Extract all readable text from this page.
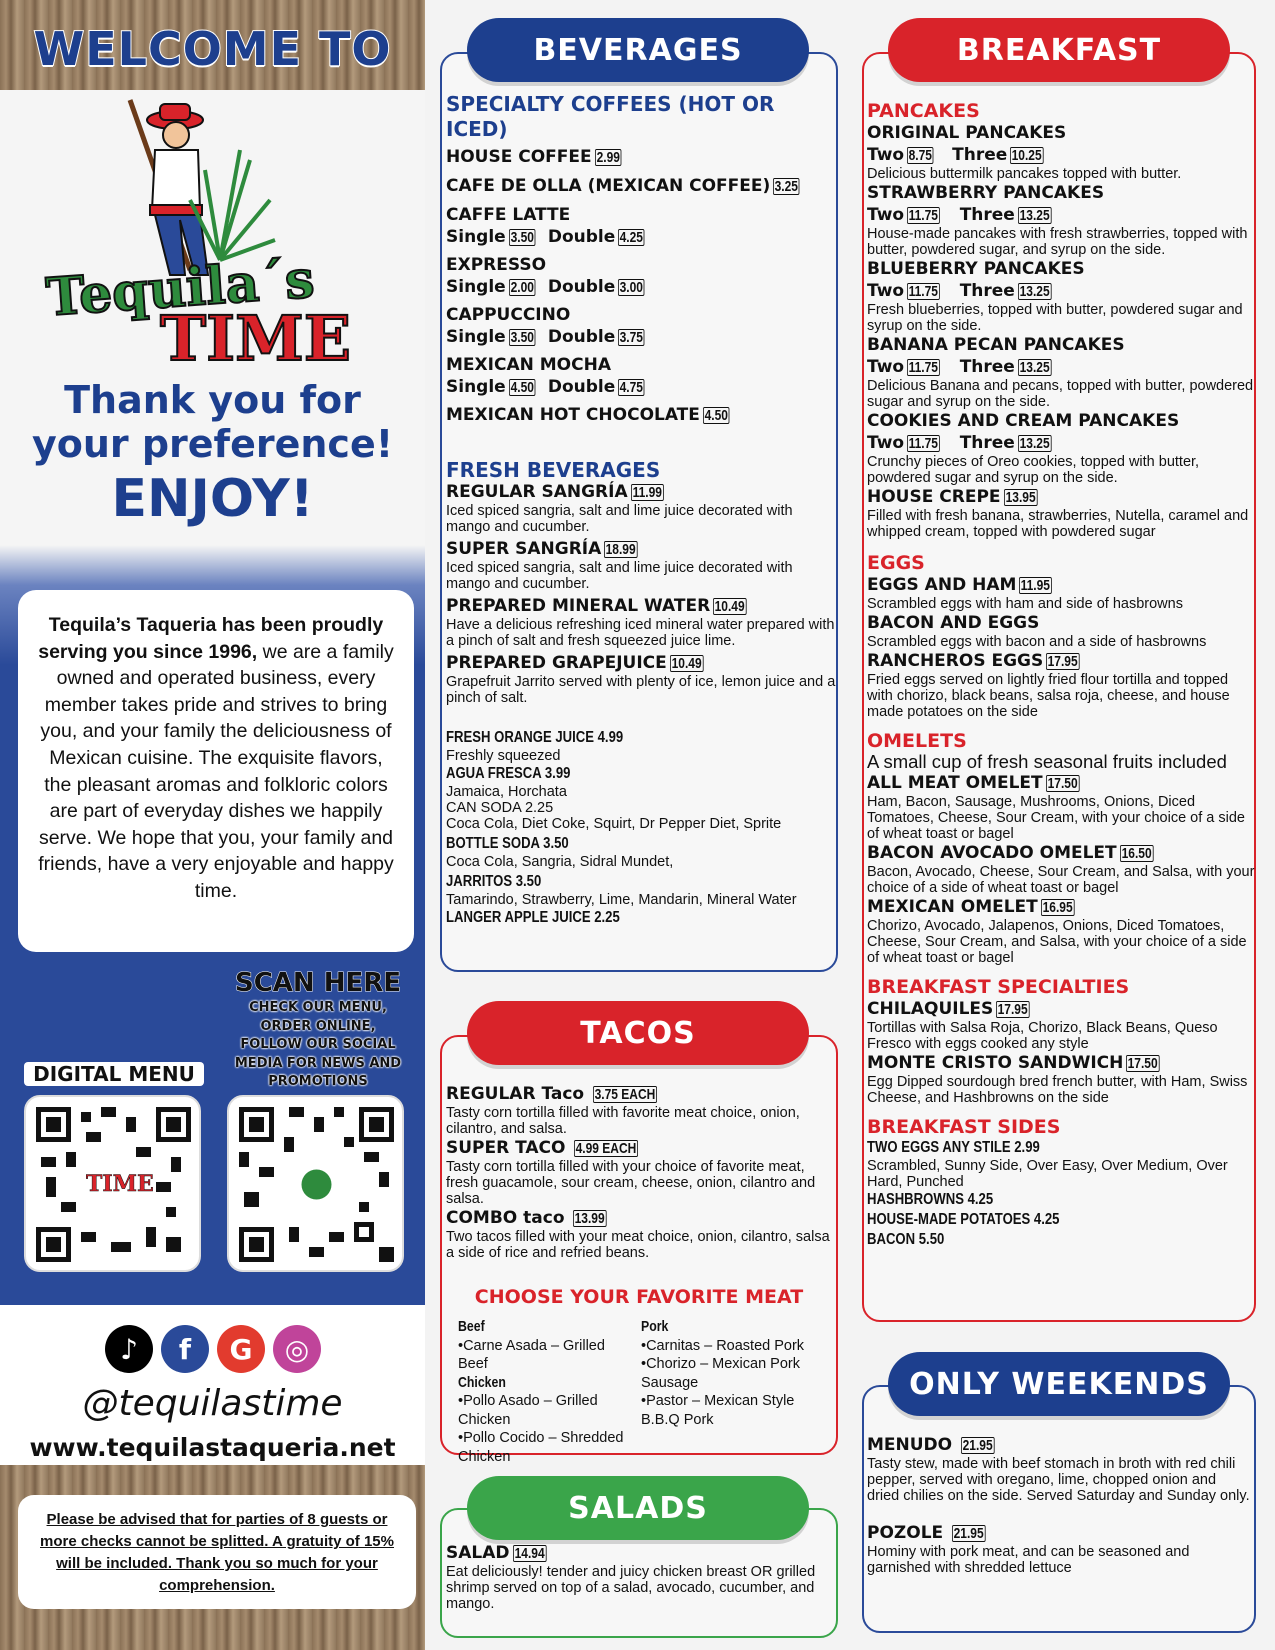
WELCOME TO
Tequila´s
TIME
Thank you for
your preference!
ENJOY!
Tequila’s Taqueria has been proudly serving you since 1996, we are a family owned and operated business, every member takes pride and strives to bring you, and your family the deliciousness of Mexican cuisine. The exquisite flavors, the pleasant aromas and folkloric colors are part of everyday dishes we happily serve. We hope that you, your family and friends, have a very enjoyable and happy time.
SCAN HERE
CHECK OUR MENU,
ORDER ONLINE,
FOLLOW OUR SOCIAL
MEDIA FOR NEWS AND
PROMOTIONS
DIGITAL MENU
TIME
♪	f	G	◎
@tequilastime
www.tequilastaqueria.net
Please be advised that for parties of 8 guests or more checks cannot be splitted. A gratuity of 15% will be included. Thank you so much for your comprehension.
BEVERAGES
SPECIALTY COFFEES (HOT OR ICED)
HOUSE COFFEE 2.99
CAFE DE OLLA (MEXICAN COFFEE) 3.25
CAFFE LATTE
Single 3.50 Double 4.25
EXPRESSO
Single 2.00 Double 3.00
CAPPUCCINO
Single 3.50 Double 3.75
MEXICAN MOCHA
Single 4.50 Double 4.75
MEXICAN HOT CHOCOLATE 4.50
FRESH BEVERAGES
REGULAR SANGRÍA 11.99
Iced spiced sangria, salt and lime juice decorated with mango and cucumber.
SUPER SANGRÍA 18.99
Iced spiced sangria, salt and lime juice decorated with mango and cucumber.
PREPARED MINERAL WATER 10.49
Have a delicious refreshing iced mineral water prepared with a pinch of salt and fresh squeezed juice lime.
PREPARED GRAPEJUICE 10.49
Grapefruit Jarrito served with plenty of ice, lemon juice and a pinch of salt.
FRESH ORANGE JUICE 4.99
Freshly squeezed
AGUA FRESCA 3.99
Jamaica, Horchata
CAN SODA 2.25
Coca Cola, Diet Coke, Squirt, Dr Pepper Diet, Sprite
BOTTLE SODA 3.50
Coca Cola, Sangria, Sidral Mundet,
JARRITOS 3.50
Tamarindo, Strawberry, Lime, Mandarin, Mineral Water
LANGER APPLE JUICE 2.25
TACOS
REGULAR Taco 3.75 EACH
Tasty corn tortilla filled with favorite meat choice, onion, cilantro, and salsa.
SUPER TACO 4.99 EACH
Tasty corn tortilla filled with your choice of favorite meat, fresh guacamole, sour cream, cheese, onion, cilantro and salsa.
COMBO taco 13.99
Two tacos filled with your meat choice, onion, cilantro, salsa a side of rice and refried beans.
CHOOSE YOUR FAVORITE MEAT
Beef
•Carne Asada – Grilled Beef
Chicken
•Pollo Asado – Grilled Chicken
•Pollo Cocido – Shredded Chicken
Pork
•Carnitas – Roasted Pork
•Chorizo – Mexican Pork Sausage
•Pastor – Mexican Style B.B.Q Pork
SALADS
SALAD 14.94
Eat deliciously! tender and juicy chicken breast OR grilled shrimp served on top of a salad, avocado, cucumber, and mango.
BREAKFAST
PANCAKES
ORIGINAL PANCAKES
Two 8.75 Three 10.25
Delicious buttermilk pancakes topped with butter.
STRAWBERRY PANCAKES
Two 11.75 Three 13.25
House-made pancakes with fresh strawberries, topped with butter, powdered sugar, and syrup on the side.
BLUEBERRY PANCAKES
Two 11.75 Three 13.25
Fresh blueberries, topped with butter, powdered sugar and syrup on the side.
BANANA PECAN PANCAKES
Two 11.75 Three 13.25
Delicious Banana and pecans, topped with butter, powdered sugar and syrup on the side.
COOKIES AND CREAM PANCAKES
Two 11.75 Three 13.25
Crunchy pieces of Oreo cookies, topped with butter, powdered sugar and syrup on the side.
HOUSE CREPE 13.95
Filled with fresh banana, strawberries, Nutella, caramel and whipped cream, topped with powdered sugar
EGGS
EGGS AND HAM 11.95
Scrambled eggs with ham and side of hasbrowns
BACON AND EGGS
Scrambled eggs with bacon and a side of hasbrowns
RANCHEROS EGGS 17.95
Fried eggs served on lightly fried flour tortilla and topped with chorizo, black beans, salsa roja, cheese, and house made potatoes on the side
OMELETS
A small cup of fresh seasonal fruits included
ALL MEAT OMELET 17.50
Ham, Bacon, Sausage, Mushrooms, Onions, Diced Tomatoes, Cheese, Sour Cream, with your choice of a side of wheat toast or bagel
BACON AVOCADO OMELET 16.50
Bacon, Avocado, Cheese, Sour Cream, and Salsa, with your choice of a side of wheat toast or bagel
MEXICAN OMELET 16.95
Chorizo, Avocado, Jalapenos, Onions, Diced Tomatoes, Cheese, Sour Cream, and Salsa, with your choice of a side of wheat toast or bagel
BREAKFAST SPECIALTIES
CHILAQUILES 17.95
Tortillas with Salsa Roja, Chorizo, Black Beans, Queso Fresco with eggs cooked any style
MONTE CRISTO SANDWICH 17.50
Egg Dipped sourdough bred french butter, with Ham, Swiss Cheese, and Hashbrowns on the side
BREAKFAST SIDES
TWO EGGS ANY STILE 2.99
Scrambled, Sunny Side, Over Easy, Over Medium, Over Hard, Punched
HASHBROWNS 4.25
HOUSE-MADE POTATOES 4.25
BACON 5.50
ONLY WEEKENDS
MENUDO 21.95
Tasty stew, made with beef stomach in broth with red chili pepper, served with oregano, lime, chopped onion and dried chilies on the side. Served Saturday and Sunday only.
POZOLE 21.95
Hominy with pork meat, and can be seasoned and garnished with shredded lettuce
